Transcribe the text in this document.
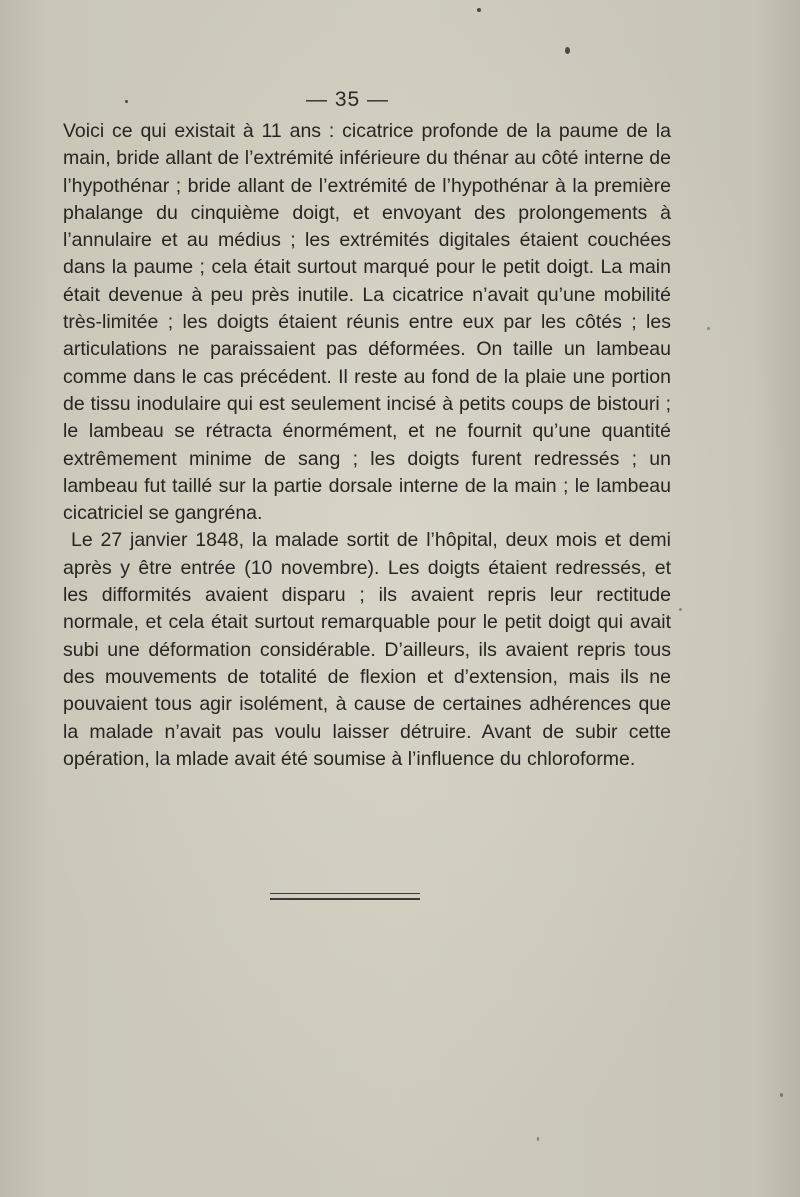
— 35 —

Voici ce qui existait à 11 ans : cicatrice profonde de la paume de la main, bride allant de l’extrémité inférieure du thénar au côté interne de l’hypothénar ; bride allant de l’extrémité de l’hypothénar à la première phalange du cinquième doigt, et envoyant des prolongements à l’annulaire et au médius ; les extrémités digitales étaient couchées dans la paume ; cela était surtout marqué pour le petit doigt. La main était devenue à peu près inutile. La cicatrice n’avait qu’une mobilité très-limitée ; les doigts étaient réunis entre eux par les côtés ; les articulations ne paraissaient pas déformées. On taille un lambeau comme dans le cas précédent. Il reste au fond de la plaie une portion de tissu inodulaire qui est seulement incisé à petits coups de bistouri ; le lambeau se rétracta énormément, et ne fournit qu’une quantité extrêmement minime de sang ; les doigts furent redressés ; un lambeau fut taillé sur la partie dorsale interne de la main ; le lambeau cicatriciel se gangréna.

Le 27 janvier 1848, la malade sortit de l’hôpital, deux mois et demi après y être entrée (10 novembre). Les doigts étaient redressés, et les difformités avaient disparu ; ils avaient repris leur rectitude normale, et cela était surtout remarquable pour le petit doigt qui avait subi une déformation considérable. D’ailleurs, ils avaient repris tous des mouvements de totalité de flexion et d’extension, mais ils ne pouvaient tous agir isolément, à cause de certaines adhérences que la malade n’avait pas voulu laisser détruire. Avant de subir cette opération, la mlade avait été soumise à l’influence du chloroforme.
